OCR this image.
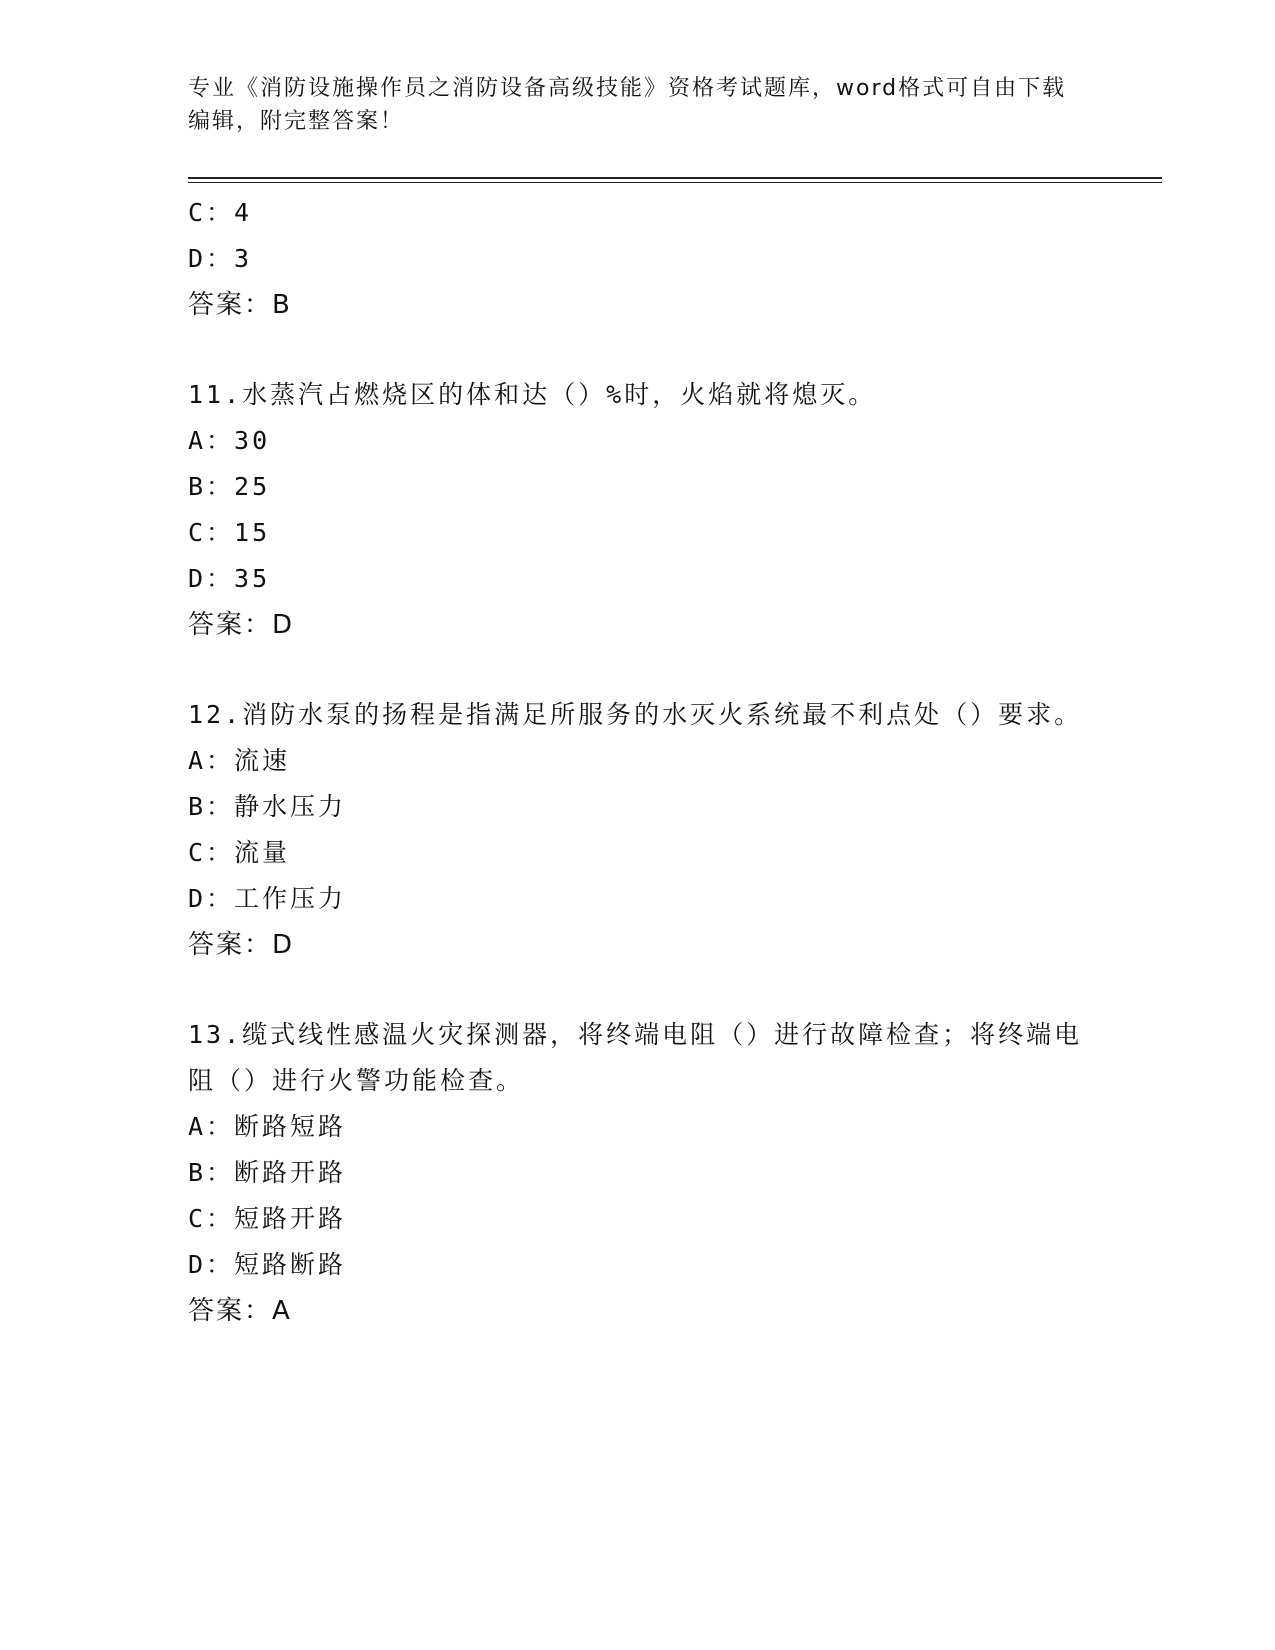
专业《消防设施操作员之消防设备高级技能》资格考试题库，word格式可自由下载编辑，附完整答案！
C：4
D：3
答案：B
11.水蒸汽占燃烧区的体和达（）%时，火焰就将熄灭。
A：30
B：25
C：15
D：35
答案：D
12.消防水泵的扬程是指满足所服务的水灭火系统最不利点处（）要求。
A：流速
B：静水压力
C：流量
D：工作压力
答案：D
13.缆式线性感温火灾探测器，将终端电阻（）进行故障检查；将终端电阻（）进行火警功能检查。
A：断路短路
B：断路开路
C：短路开路
D：短路断路
答案：A
